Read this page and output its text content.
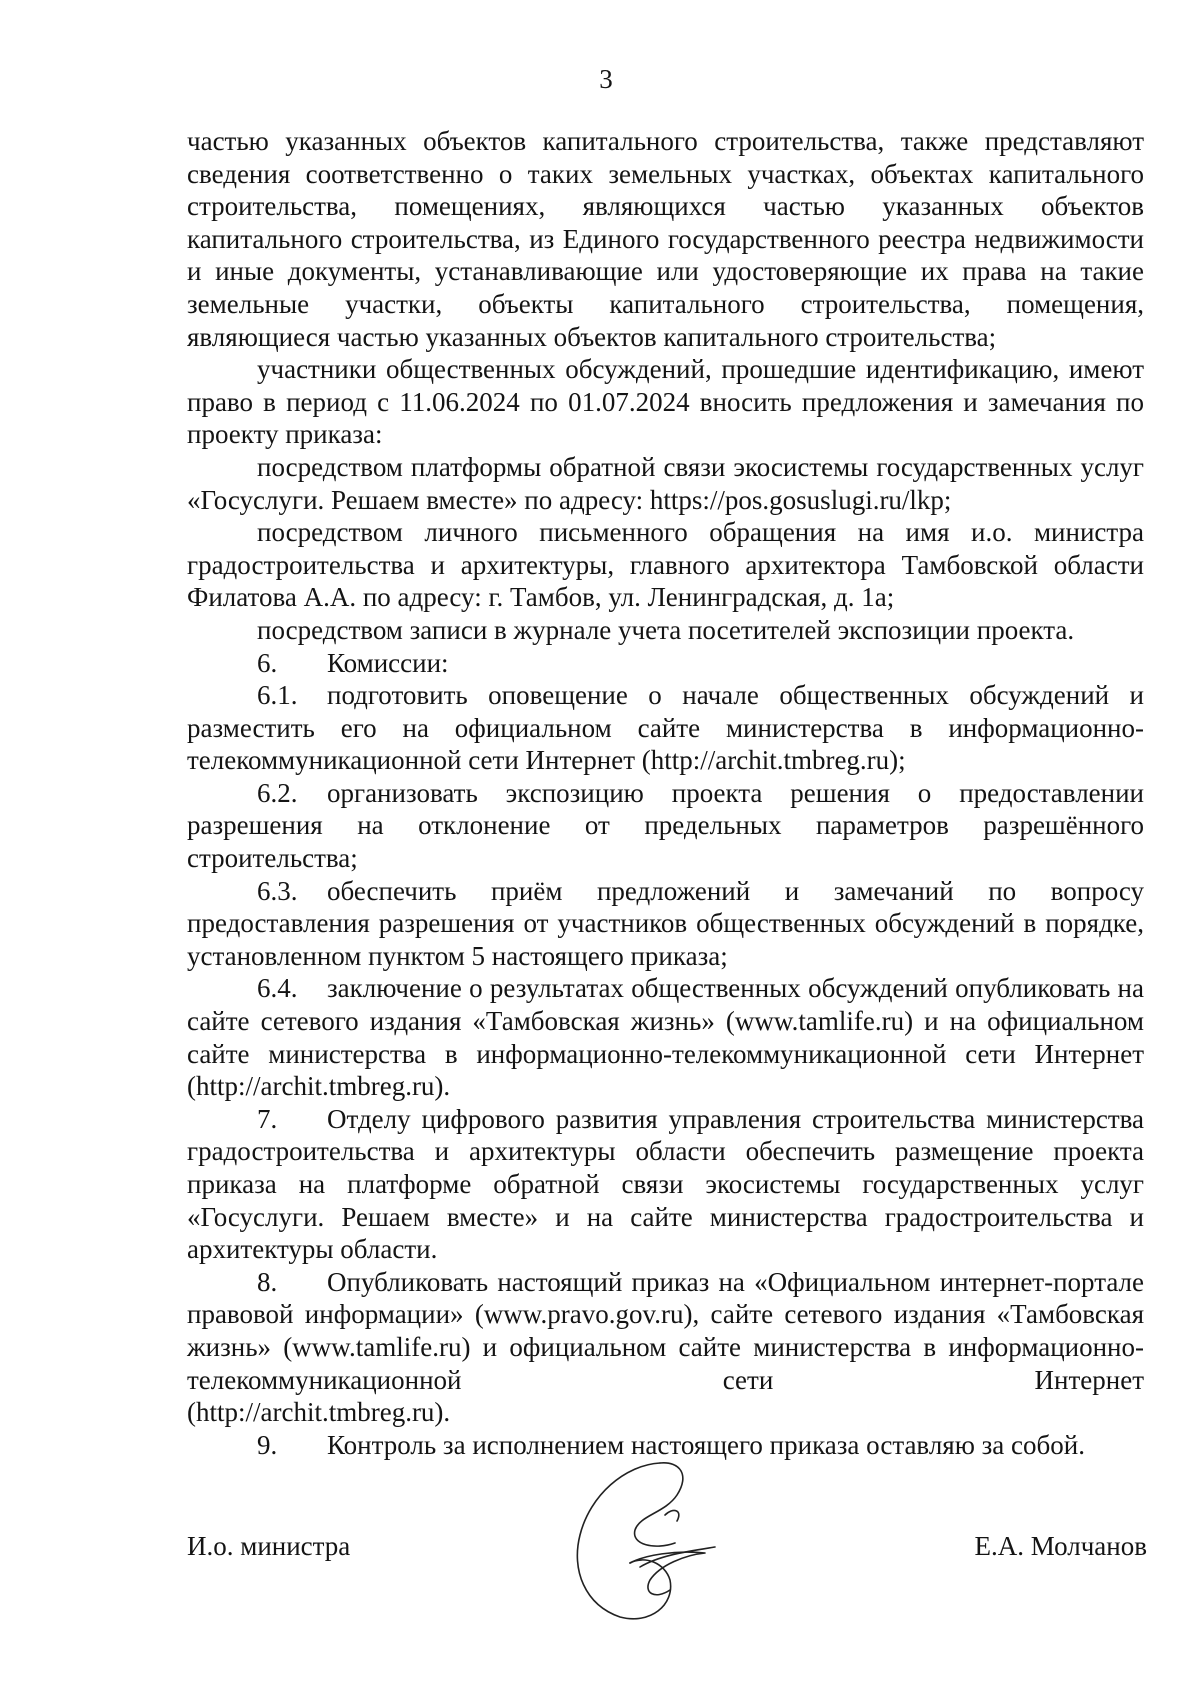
3

частью указанных объектов капитального строительства, также представляют сведения соответственно о таких земельных участках, объектах капитального строительства, помещениях, являющихся частью указанных объектов капитального строительства, из Единого государственного реестра недвижимости и иные документы, устанавливающие или удостоверяющие их права на такие земельные участки, объекты капитального строительства, помещения, являющиеся частью указанных объектов капитального строительства;

участники общественных обсуждений, прошедшие идентификацию, имеют право в период с 11.06.2024 по 01.07.2024 вносить предложения и замечания по проекту приказа:

посредством платформы обратной связи экосистемы государственных услуг «Госуслуги. Решаем вместе» по адресу: https://pos.gosuslugi.ru/lkp;

посредством личного письменного обращения на имя и.о. министра градостроительства и архитектуры, главного архитектора Тамбовской области Филатова А.А. по адресу: г. Тамбов, ул. Ленинградская, д. 1а;

посредством записи в журнале учета посетителей экспозиции проекта.

6. Комиссии:

6.1. подготовить оповещение о начале общественных обсуждений и разместить его на официальном сайте министерства в информационно-телекоммуникационной сети Интернет (http://archit.tmbreg.ru);

6.2. организовать экспозицию проекта решения о предоставлении разрешения на отклонение от предельных параметров разрешённого строительства;

6.3. обеспечить приём предложений и замечаний по вопросу предоставления разрешения от участников общественных обсуждений в порядке, установленном пунктом 5 настоящего приказа;

6.4. заключение о результатах общественных обсуждений опубликовать на сайте сетевого издания «Тамбовская жизнь» (www.tamlife.ru) и на официальном сайте министерства в информационно-телекоммуникационной сети Интернет (http://archit.tmbreg.ru).

7. Отделу цифрового развития управления строительства министерства градостроительства и архитектуры области обеспечить размещение проекта приказа на платформе обратной связи экосистемы государственных услуг «Госуслуги. Решаем вместе» и на сайте министерства градостроительства и архитектуры области.

8. Опубликовать настоящий приказ на «Официальном интернет-портале правовой информации» (www.pravo.gov.ru), сайте сетевого издания «Тамбовская жизнь» (www.tamlife.ru) и официальном сайте министерства в информационно-телекоммуникационной сети Интернет

(http://archit.tmbreg.ru).

9. Контроль за исполнением настоящего приказа оставляю за собой.

И.о. министра	Е.А. Молчанов
